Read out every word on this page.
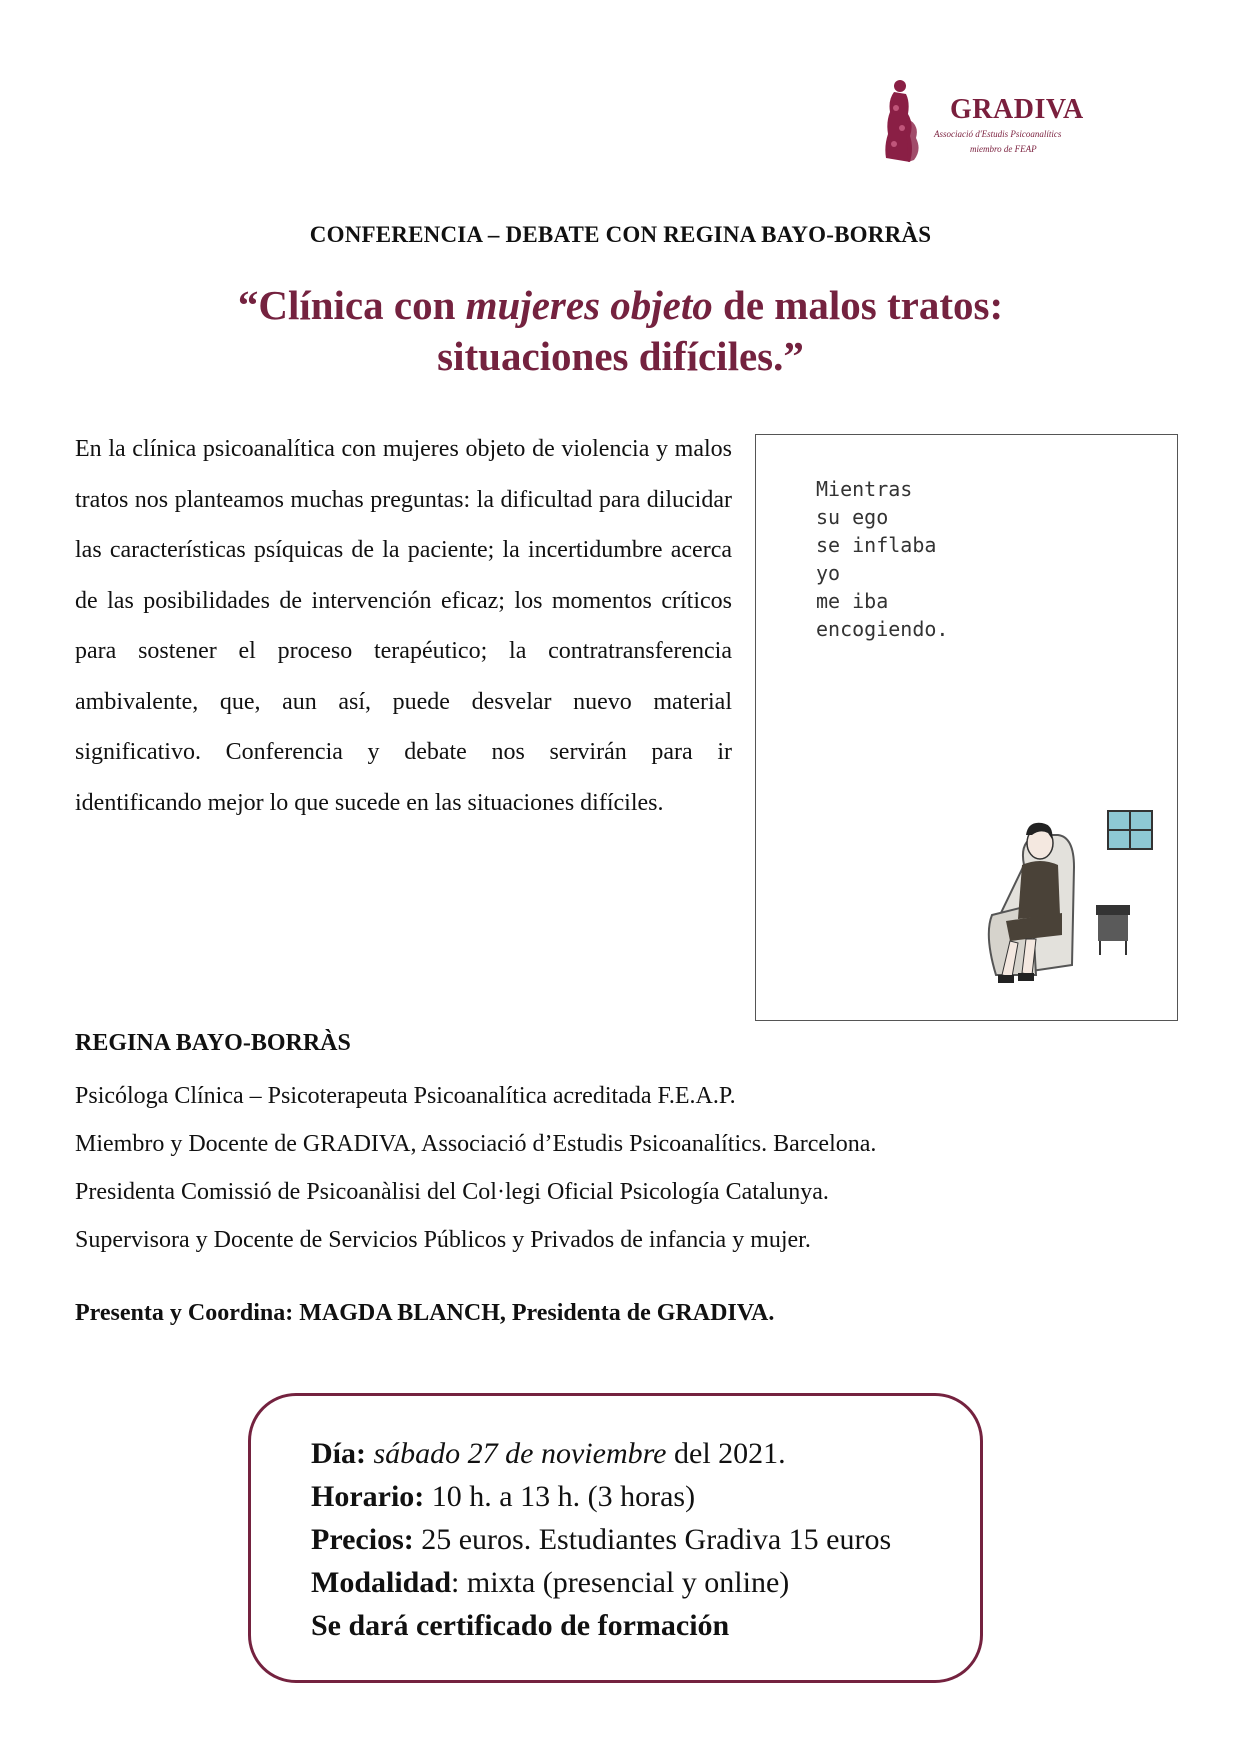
GRADIVA
Associació d'Estudis Psicoanalítics
miembro de FEAP
CONFERENCIA – DEBATE CON REGINA BAYO-BORRÀS
“Clínica con mujeres objeto de malos tratos:
situaciones difíciles.”
En la clínica psicoanalítica con mujeres objeto de violencia y malos tratos nos planteamos muchas preguntas: la dificultad para dilucidar las características psíquicas de la paciente; la incertidumbre acerca de las posibilidades de intervención eficaz; los momentos críticos para sostener el proceso terapéutico; la contratransferencia ambivalente, que, aun así, puede desvelar nuevo material significativo. Conferencia y debate nos servirán para ir identificando mejor lo que sucede en las situaciones difíciles.
Mientras
su ego
se inflaba
yo
me iba
encogiendo.
REGINA BAYO-BORRÀS
Psicóloga Clínica – Psicoterapeuta Psicoanalítica acreditada F.E.A.P.
Miembro y Docente de GRADIVA, Associació d’Estudis Psicoanalítics. Barcelona.
Presidenta Comissió de Psicoanàlisi del Col·legi Oficial Psicología Catalunya.
Supervisora y Docente de Servicios Públicos y Privados de infancia y mujer.
Presenta y Coordina: MAGDA BLANCH, Presidenta de GRADIVA.
Día: sábado 27 de noviembre del 2021.
Horario: 10 h. a 13 h. (3 horas)
Precios: 25 euros. Estudiantes Gradiva 15 euros
Modalidad: mixta (presencial y online)
Se dará certificado de formación
